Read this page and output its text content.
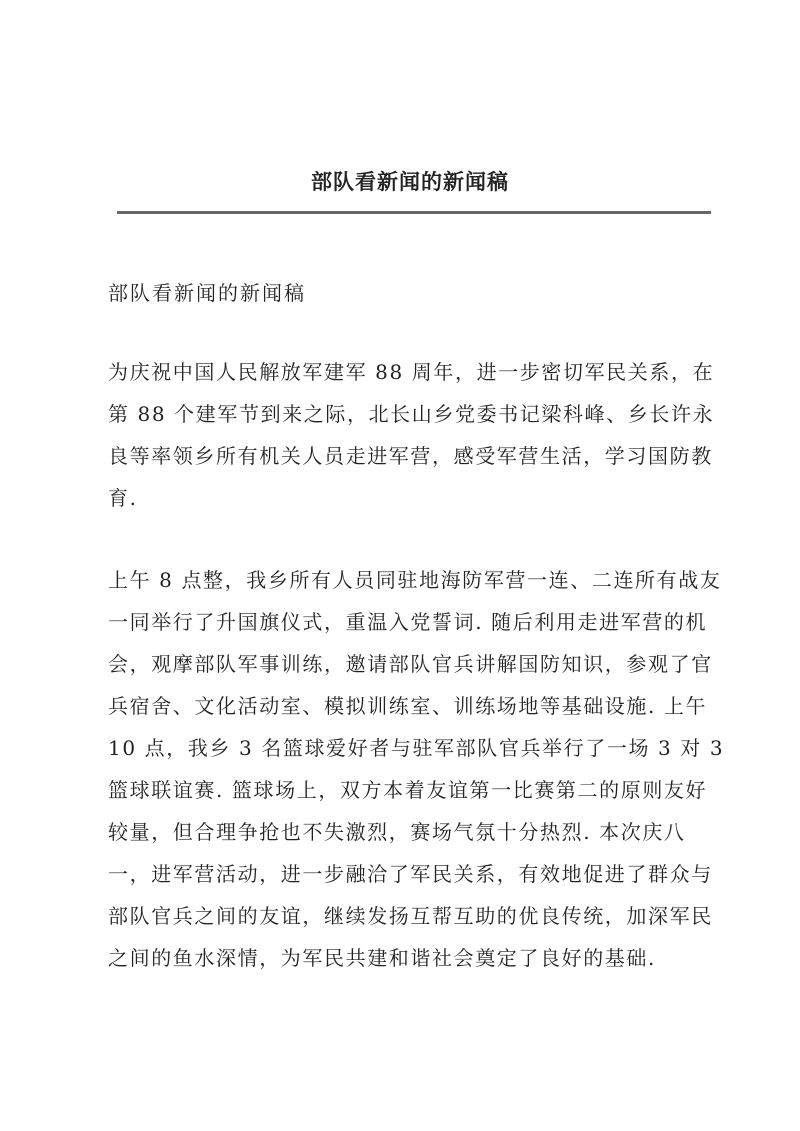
部队看新闻的新闻稿
部队看新闻的新闻稿
为庆祝中国人民解放军建军 88 周年，进一步密切军民关系，在
第 88 个建军节到来之际，北长山乡党委书记梁科峰、乡长许永
良等率领乡所有机关人员走进军营，感受军营生活，学习国防教
育.
上午 8 点整，我乡所有人员同驻地海防军营一连、二连所有战友
一同举行了升国旗仪式，重温入党誓词. 随后利用走进军营的机
会，观摩部队军事训练，邀请部队官兵讲解国防知识，参观了官
兵宿舍、文化活动室、模拟训练室、训练场地等基础设施. 上午
10 点，我乡 3 名篮球爱好者与驻军部队官兵举行了一场 3 对 3
篮球联谊赛. 篮球场上，双方本着友谊第一比赛第二的原则友好
较量，但合理争抢也不失激烈，赛场气氛十分热烈. 本次庆八
一，进军营活动，进一步融洽了军民关系，有效地促进了群众与
部队官兵之间的友谊，继续发扬互帮互助的优良传统，加深军民
之间的鱼水深情，为军民共建和谐社会奠定了良好的基础.
